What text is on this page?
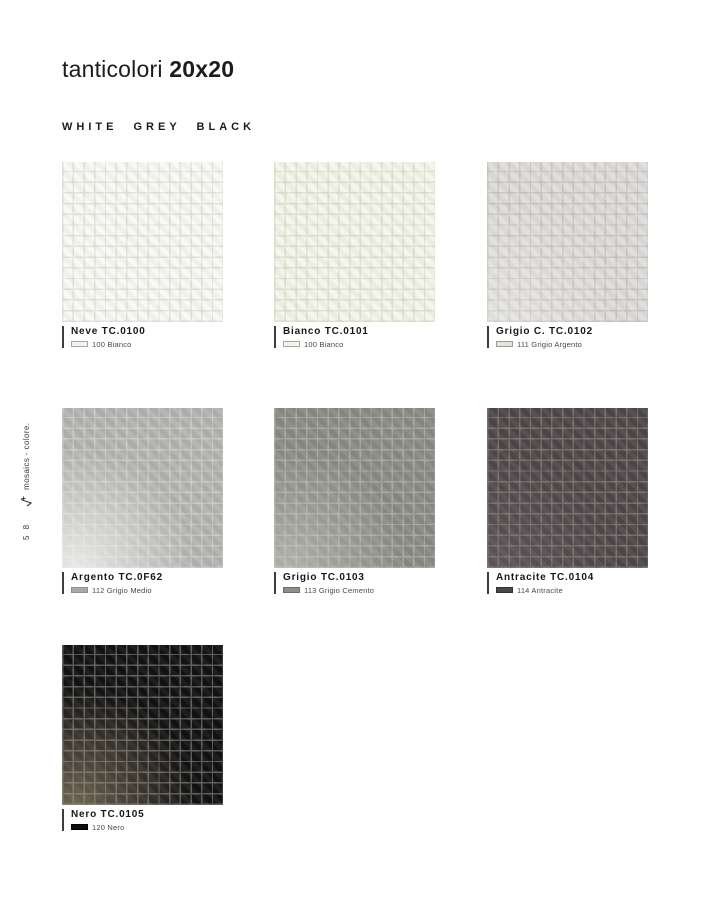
tanticolori 20x20
WHITE GREY BLACK
5 8
mosaics - colore.
Neve TC.0100
100 Bianco
Bianco TC.0101
100 Bianco
Grigio C. TC.0102
111 Grigio Argento
Argento TC.0F62
112 Grigio Medio
Grigio TC.0103
113 Grigio Cemento
Antracite TC.0104
114 Antracite
Nero TC.0105
120 Nero
